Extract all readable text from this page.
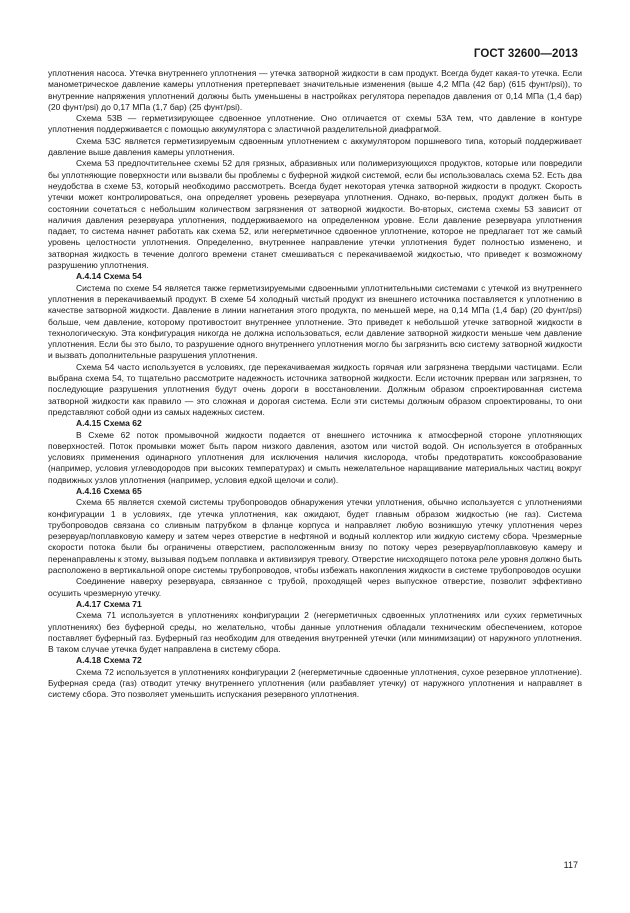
ГОСТ 32600—2013

уплотнения насоса. Утечка внутреннего уплотнения — утечка затворной жидкости в сам продукт. Всегда будет какая-то утечка. Если манометрическое давление камеры уплотнения претерпевает значительные изменения (выше 4,2 МПа (42 бар) (615 фунт/psi)), то внутренние напряжения уплотнений должны быть уменьшены в настройках регулятора перепадов давления от 0,14 МПа (1,4 бар) (20 фунт/psi) до 0,17 МПа (1,7 бар) (25 фунт/psi).

Схема 53B — герметизирующее сдвоенное уплотнение. Оно отличается от схемы 53A тем, что давление в контуре уплотнения поддерживается с помощью аккумулятора с эластичной разделительной диафрагмой.

Схема 53C является герметизируемым сдвоенным уплотнением с аккумулятором поршневого типа, который поддерживает давление выше давления камеры уплотнения.

Схема 53 предпочтительнее схемы 52 для грязных, абразивных или полимеризующихся продуктов, которые или повредили бы уплотняющие поверхности или вызвали бы проблемы с буферной жидкой системой, если бы использовалась схема 52. Есть два неудобства в схеме 53, который необходимо рассмотреть. Всегда будет некоторая утечка затворной жидкости в продукт. Скорость утечки может контролироваться, она определяет уровень резервуара уплотнения. Однако, во-первых, продукт должен быть в состоянии сочетаться с небольшим количеством загрязнения от затворной жидкости. Во-вторых, система схемы 53 зависит от наличия давления резервуара уплотнения, поддерживаемого на определенном уровне. Если давление резервуара уплотнения падает, то система начнет работать как схема 52, или негерметичное сдвоенное уплотнение, которое не предлагает тот же самый уровень целостности уплотнения. Определенно, внутреннее направление утечки уплотнения будет полностью изменено, и затворная жидкость в течение долгого времени станет смешиваться с перекачиваемой жидкостью, что приведет к возможному разрушению уплотнения.

А.4.14 Схема 54

Система по схеме 54 является также герметизируемыми сдвоенными уплотнительными системами с утечкой из внутреннего уплотнения в перекачиваемый продукт. В схеме 54 холодный чистый продукт из внешнего источника поставляется к уплотнению в качестве затворной жидкости. Давление в линии нагнетания этого продукта, по меньшей мере, на 0,14 МПа (1,4 бар) (20 фунт/psi) больше, чем давление, которому противостоит внутреннее уплотнение. Это приведет к небольшой утечке затворной жидкости в технологическую. Эта конфигурация никогда не должна использоваться, если давление затворной жидкости меньше чем давление уплотнения. Если бы это было, то разрушение одного внутреннего уплотнения могло бы загрязнить всю систему затворной жидкости и вызвать дополнительные разрушения уплотнения.

Схема 54 часто используется в условиях, где перекачиваемая жидкость горячая или загрязнена твердыми частицами. Если выбрана схема 54, то тщательно рассмотрите надежность источника затворной жидкости. Если источник прерван или загрязнен, то последующие разрушения уплотнения будут очень дороги в восстановлении. Должным образом спроектированная система затворной жидкости как правило — это сложная и дорогая система. Если эти системы должным образом спроектированы, то они представляют собой одни из самых надежных систем.

А.4.15 Схема 62

В Схеме 62 поток промывочной жидкости подается от внешнего источника к атмосферной стороне уплотняющих поверхностей. Поток промывки может быть паром низкого давления, азотом или чистой водой. Он используется в отобранных условиях применения одинарного уплотнения для исключения наличия кислорода, чтобы предотвратить коксообразование (например, условия углеводородов при высоких температурах) и смыть нежелательное наращивание материальных частиц вокруг подвижных узлов уплотнения (например, условия едкой щелочи и соли).

А.4.16 Схема 65

Схема 65 является схемой системы трубопроводов обнаружения утечки уплотнения, обычно используется с уплотнениями конфигурации 1 в условиях, где утечка уплотнения, как ожидают, будет главным образом жидкостью (не газ). Система трубопроводов связана со сливным патрубком в фланце корпуса и направляет любую возникшую утечку уплотнения через резервуар/поплавковую камеру и затем через отверстие в нефтяной и водный коллектор или жидкую систему сбора. Чрезмерные скорости потока были бы ограничены отверстием, расположенным внизу по потоку через резервуар/поплавковую камеру и перенаправлены к этому, вызывая подъем поплавка и активизируя тревогу. Отверстие нисходящего потока реле уровня должно быть расположено в вертикальной опоре системы трубопроводов, чтобы избежать накопления жидкости в системе трубопроводов осушки

Соединение наверху резервуара, связанное с трубой, проходящей через выпускное отверстие, позволит эффективно осушить чрезмерную утечку.

А.4.17 Схема 71

Схема 71 используется в уплотнениях конфигурации 2 (негерметичных сдвоенных уплотнениях или сухих герметичных уплотнениях) без буферной среды, но желательно, чтобы данные уплотнения обладали техническим обеспечением, которое поставляет буферный газ. Буферный газ необходим для отведения внутренней утечки (или минимизации) от наружного уплотнения. В таком случае утечка будет направлена в систему сбора.

А.4.18 Схема 72

Схема 72 используется в уплотнениях конфигурации 2 (негерметичные сдвоенные уплотнения, сухое резервное уплотнение). Буферная среда (газ) отводит утечку внутреннего уплотнения (или разбавляет утечку) от наружного уплотнения и направляет в систему сбора. Это позволяет уменьшить испускания резервного уплотнения.

117
